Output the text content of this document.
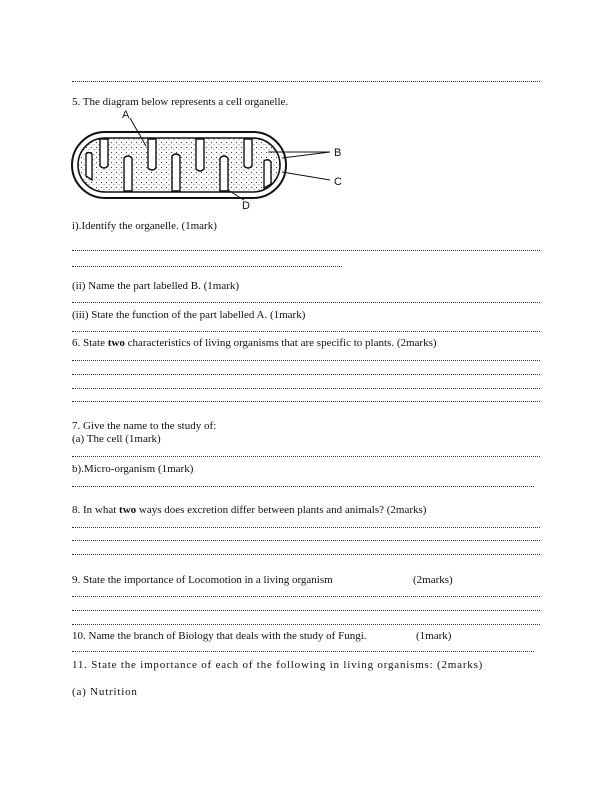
5. The diagram below represents a cell organelle.
A
B
C
D
i).Identify the organelle. (1mark)
(ii) Name the part labelled B. (1mark)
(iii) State the function of the part labelled A. (1mark)
6. State two characteristics of living organisms that are specific to plants. (2marks)
7. Give the name to the study of:
(a) The cell (1mark)
b).Micro-organism (1mark)
8. In what two ways does excretion differ between plants and animals? (2marks)
9. State the importance of Locomotion in a living organism	(2marks)
10. Name the branch of Biology that deals with the study of Fungi.	(1mark)
11. State the importance of each of the following in living organisms: (2marks)
(a) Nutrition
